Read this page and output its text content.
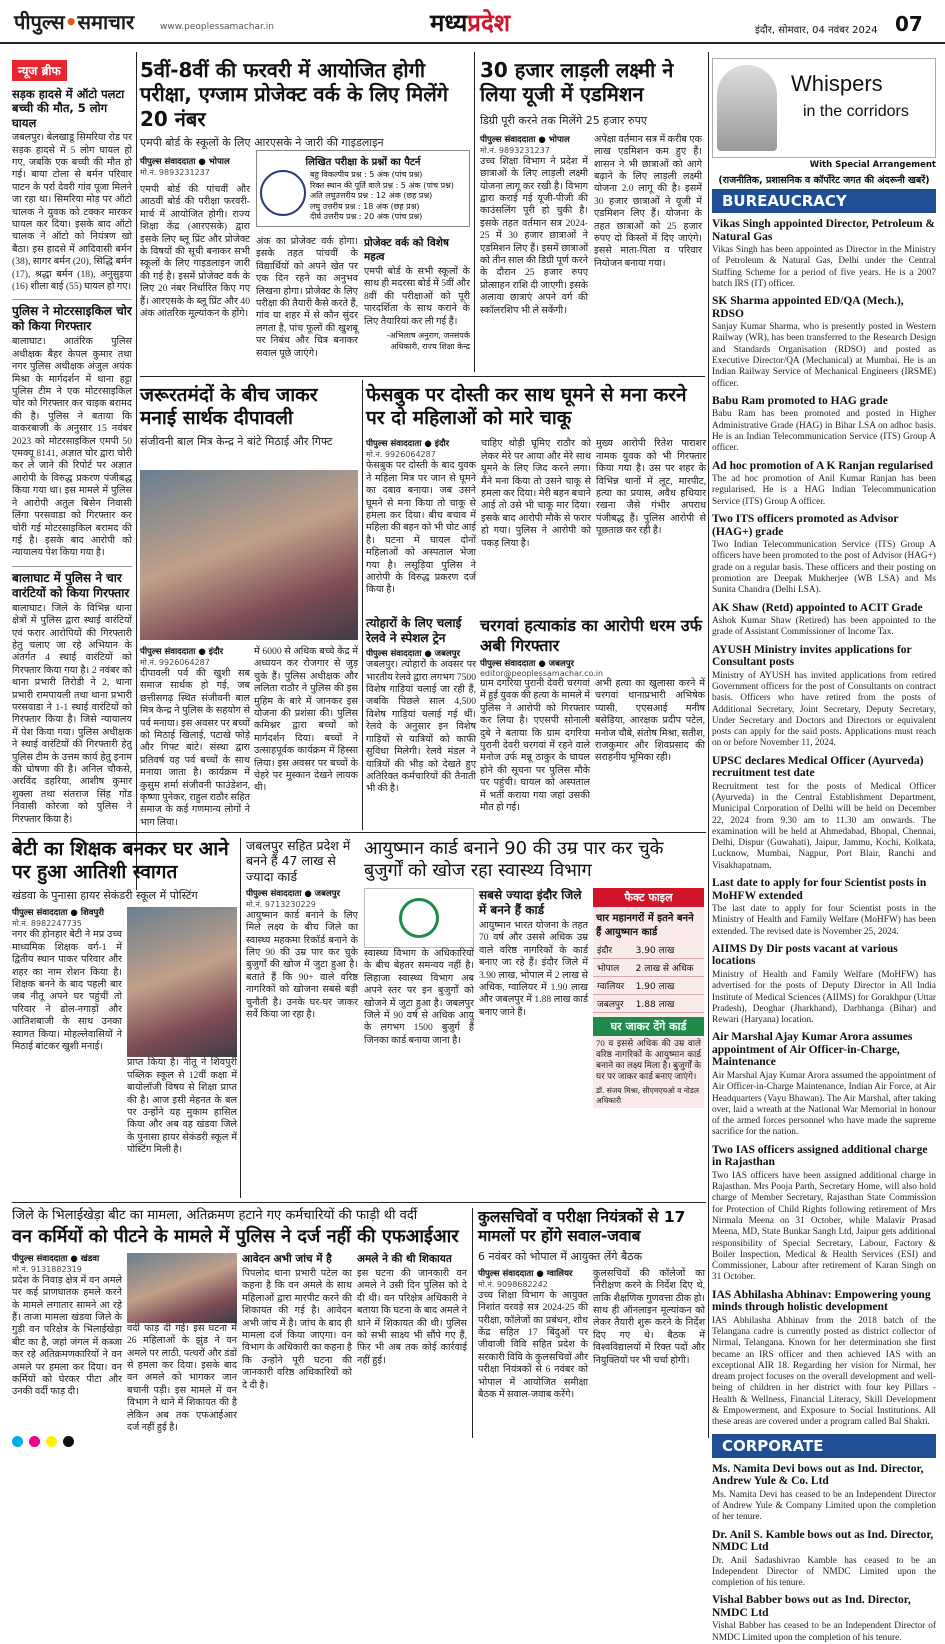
पीपुल्स•समाचार	www.peoplessamachar.in	मध्यप्रदेश	इंदौर, सोमवार, 04 नवंबर 2024 07
न्यूज ब्रीफ
सड़क हादसे में ऑटो पलटा बच्ची की मौत, 5 लोग घायल
जबलपुर। बेलखाडू सिमरिया रोड पर सड़क हादसे में 5 लोग घायल हो गए, जबकि एक बच्ची की मौत हो गई। बाया टोला से बर्मन परिवार पाटन के पर्रा देवरी गांव पूजा मिलने जा रहा था। सिमरिया मोड़ पर ऑटो चालक ने युवक को टक्कर मारकर घायल कर दिया। इसके बाद ऑटो चालक ने ऑटो को नियंत्रण खो बैठा। इस हादसे में आदिवासी बर्मन (38), सागर बर्मन (20), सिद्धि बर्मन (17), श्रद्धा बर्मन (18), अनुसुइया (16) शीला बाई (55) घायल हो गए।
पुलिस ने मोटरसाइकिल चोर को किया गिरफ्तार
बालाघाट। आतंरिक पुलिस अधीक्षक बैहर केपल कुमार तथा नगर पुलिस अधीक्षक अंजुल अयंक मिश्रा के मार्गदर्शन में थाना हट्टा पुलिस टीम ने एक मोटरसाइकिल चोर को गिरफ्तार कर चाइक बरामद की है। पुलिस ने बताया कि वाकरबाजी के अनुसार 15 नवंबर 2023 को मोटरसाइकिल एमपी 50 एमक्यू 8141, अज्ञात चोर द्वारा चोरी कर ले जाने की रिपोर्ट पर अज्ञात आरोपी के विरुद्ध प्रकरण पंजीबद्ध किया गया था। इस मामले में पुलिस ने आरोपी अतुल बिसेन निवासी लिंगा परसवाडा को गिरफ्तार कर चोरी गई मोटरसाइकिल बरामद की गई है। इसके बाद आरोपी को न्यायालय पेश किया गया है।
बालाघाट में पुलिस ने चार वारंटियों को किया गिरफ्तार
बालाघाट। जिले के विभिन्न थाना क्षेत्रों में पुलिस द्वारा स्थाई वारंटियों एवं फरार आरोपियों की गिरफ्तारी हेतु चलाए जा रहे अभियान के अंतर्गत 4 स्थाई वारंटियों को गिरफ्तार किया गया है। 2 नवंबर को थाना प्रभारी तिरोडी ने 2, थाना प्रभारी रामपायली तथा थाना प्रभारी परसवाडा ने 1-1 स्थाई वारंटियों को गिरफ्तार किया है। जिसे न्यायालय में पेश किया गया। पुलिस अधीक्षक ने स्थाई वारंटियों की गिरफ्तारी हेतु पुलिस टीम के उत्तम कार्य हेतु इनाम की घोषणा की है। अनिल चौकसे, अरविंद डहरिया, आशीष कुमार शुक्ला तथा संतराज सिंह गोंड निवासी कोरजा को पुलिस ने गिरफ्तार किया है।
5वीं-8वीं की फरवरी में आयोजित होगी परीक्षा, एग्जाम प्रोजेक्ट वर्क के लिए मिलेंगे 20 नंबर
एमपी बोर्ड के स्कूलों के लिए आरएसके ने जारी की गाइडलाइन
पीपुल्स संवाददाता ● भोपाल
मो.नं. 9893231237
एमपी बोर्ड की पांचवीं और आठवीं बोर्ड की परीक्षा फरवरी-मार्च में आयोजित होगी। राज्य शिक्षा केंद्र (आरएसके) द्वारा इसके लिए ब्लू प्रिंट और प्रोजेक्ट के विषयों की सूची बनाकर सभी स्कूलों के लिए गाइडलाइन जारी की गई है। इसमें प्रोजेक्ट वर्क के लिए 20 नंबर निर्धारित किए गए हैं। आरएसके के ब्लू प्रिंट और 40 अंक आंतरिक मूल्यांकन के होंगे।
अंक का प्रोजेक्ट वर्क होगा। इसके तहत पांचवीं के विद्यार्थियों को अपने खेत पर एक दिन रहने का अनुभव लिखना होगा। प्रोजेक्ट के लिए परीक्षा की तैयारी कैसे करते हैं, गांव या शहर में से कौन सुंदर लगता है, पांच फूलों की खुशबू पर निबंध और चित्र बनाकर सवाल पूछे जाएंगे।
लिखित परीक्षा के प्रश्नों का पैटर्न
बहु विकल्पीय प्रश्न : 5 अंक (पांच प्रश्न)
रिक्त स्थान की पूर्ति वाले प्रश्न : 5 अंक (पांच प्रश्न)
अति लघुउत्तरीय प्रश्न : 12 अंक (छह प्रश्न)
लघु उत्तरीय प्रश्न : 18 अंक (छह प्रश्न)
दीर्घ उत्तरीय प्रश्न : 20 अंक (पांच प्रश्न)
प्रोजेक्ट वर्क को विशेष महत्व
एमपी बोर्ड के सभी स्कूलों के साथ ही मदरसा बोर्ड में 5वीं और 8वीं की परीक्षाओं को पूरी पारदर्शिता के साथ कराने के लिए तैयारियां कर ली गई हैं।
-अभिलाष अनुराग, जनसंपर्क अधिकारी, राज्य शिक्षा केन्द्र
30 हजार लाड़ली लक्ष्मी ने लिया यूजी में एडमिशन
डिग्री पूरी करने तक मिलेंगे 25 हजार रुपए
पीपुल्स संवाददाता ● भोपाल
मो.नं. 9893231237
उच्च शिक्षा विभाग ने प्रदेश में छात्राओं के लिए लाड़ली लक्ष्मी योजना लागू कर रखी है। विभाग द्वारा कराई गई यूजी-पीजी की काउंसलिंग पूरी हो चुकी है। इसके तहत वर्तमान सत्र 2024-25 में 30 हजार छात्राओं ने एडमिशन लिए हैं। इसमें छात्राओं को तीन साल की डिग्री पूर्ण करने के दौरान 25 हजार रुपए प्रोत्साहन राशि दी जाएगी। इसके अलावा छात्राएं अपने वर्ग की स्कॉलरशिप भी ले सकेंगी।
अपेक्षा वर्तमान सत्र में करीब एक लाख एडमिशन कम हुए हैं। शासन ने भी छात्राओं को आगे बढ़ाने के लिए लाड़ली लक्ष्मी योजना 2.0 लागू की है। इसमें 30 हजार छात्राओं ने यूजी में एडमिशन लिए हैं। योजना के तहत छात्राओं को 25 हजार रुपए दो किस्तों में दिए जाएंगे। इससे माता-पिता व परिवार नियोजन बनाया गया।
जरूरतमंदों के बीच जाकर मनाई सार्थक दीपावली
संजीवनी बाल मित्र केन्द्र ने बांटे मिठाई और गिफ्ट
पीपुल्स संवाददाता ● इंदौर
मो.नं. 9926064287
दीपावली पर्व की खुशी सब समाज सार्थक हो गई, जब छत्तीसगढ़ स्थित संजीवनी बाल मित्र केन्द्र ने पुलिस के सहयोग से पर्व मनाया। इस अवसर पर बच्चों को मिठाई खिलाई, पटाखे फोड़े और गिफ्ट बांटे। संस्था द्वारा प्रतिवर्ष यह पर्व बच्चों के साथ मनाया जाता है। कार्यक्रम में कुसुम शर्मा संजीवनी फाउंडेशन, कृष्णा पुनेकर, राहुल राठौर सहित समाज के कई गणमान्य लोगों ने भाग लिया।
में 6000 से अधिक बच्चे केंद्र में अध्ययन कर रोजगार से जुड़ चुके हैं। पुलिस अधीक्षक और ललिता राठौर ने पुलिस की इस मुहिम के बारे में जानकर इस योजना की प्रशंसा की। पुलिस कमिश्नर द्वारा बच्चों को मार्गदर्शन दिया। बच्चों ने उत्साहपूर्वक कार्यक्रम में हिस्सा लिया। इस अवसर पर बच्चों के चेहरे पर मुस्कान देखने लायक थी।
फेसबुक पर दोस्ती कर साथ घूमने से मना करने पर दो महिलाओं को मारे चाकू
पीपुल्स संवाददाता ● इंदौर
मो.नं. 9926064287
फेसबुक पर दोस्ती के बाद युवक ने महिला मित्र पर जान से घूमने का दबाव बनाया। जब उसने घूमने से मना किया तो चाकू से हमला कर दिया। बीच बचाव में महिला की बहन को भी चोट आई है। घटना में घायल दोनों महिलाओं को अस्पताल भेजा गया है। लसूड़िया पुलिस ने आरोपी के विरुद्ध प्रकरण दर्ज किया है।
चाहिए थोड़ी घूमिए राठौर को लेकर मेरे पर आया और मेरे साथ घूमने के लिए जिद करने लगा। मैंने मना किया तो उसने चाकू से हमला कर दिया। मेरी बहन बचाने आई तो उसे भी चाकू मार दिया। इसके बाद आरोपी मौके से फरार हो गया। पुलिस ने आरोपी को पकड़ लिया है।
मुख्य आरोपी रितेश पाराशर नामक युवक को भी गिरफ्तार किया गया है। उस पर शहर के विभिन्न थानों में लूट, मारपीट, हत्या का प्रयास, अवैध हथियार रखना जैसे गंभीर अपराध पंजीबद्ध हैं। पुलिस आरोपी से पूछताछ कर रही है।
त्योहारों के लिए चलाई रेलवे ने स्पेशल ट्रेन
पीपुल्स संवाददाता ● जबलपुर
जबलपुर। त्योहारों के अवसर पर भारतीय रेलवे द्वारा लगभग 7500 विशेष गाड़ियां चलाई जा रही हैं, जबकि पिछले साल 4,500 विशेष गाड़ियां चलाई गई थीं। रेलवे के अनुसार इन विशेष गाड़ियों से यात्रियों को काफी सुविधा मिलेगी। रेलवे मंडल ने यात्रियों की भीड़ को देखते हुए अतिरिक्त कर्मचारियों की तैनाती भी की है।
चरगवां हत्याकांड का आरोपी धरम उर्फ अबी गिरफ्तार
पीपुल्स संवाददाता ● जबलपुर
editor@peoplessamachar.co.in
ग्राम दगरिया पुरानी देवरी चरगवां में हुई युवक की हत्या के मामले में पुलिस ने आरोपी को गिरफ्तार कर लिया है। एएसपी सोनाली दुबे ने बताया कि ग्राम दगरिया पुरानी देवरी चरगवां में रहने वाले मनोज उर्फ मन्नू ठाकुर के घायल होने की सूचना पर पुलिस मौके पर पहुंची। घायल को अस्पताल में भर्ती कराया गया जहां उसकी मौत हो गई।
अभी हत्या का खुलासा करने में चरगवां थानाप्रभारी अभिषेक प्यासी, एएसआई मनीष बसेड़िया, आरक्षक प्रदीप पटेल, मनोज चौबे, संतोष मिश्रा, सतीश, राजकुमार और शिवप्रसाद की सराहनीय भूमिका रही।
बेटी का शिक्षक बनकर घर आने पर हुआ आतिशी स्वागत
खंडवा के पुनासा हायर सेकंडरी स्कूल में पोस्टिंग
पीपुल्स संवाददाता ● शिवपुरी
मो.नं. 8982247735
नगर की होनहार बेटी ने मप्र उच्च माध्यमिक शिक्षक वर्ग-1 में द्वितीय स्थान पाकर परिवार और शहर का नाम रोशन किया है। शिक्षक बनने के बाद पहली बार जब नीतू अपने घर पहुंचीं तो परिवार ने ढोल-नगाड़ों और आतिशबाजी के साथ उनका स्वागत किया। मोहल्लेवासियों ने मिठाई बांटकर खुशी मनाई।
प्राप्त किया है। नीतू ने शिवपुरी पब्लिक स्कूल से 12वीं कक्षा में बायोलॉजी विषय से शिक्षा प्राप्त की है। आज इसी मेहनत के बल पर उन्होंने यह मुकाम हासिल किया और अब वह खंडवा जिले के पुनासा हायर सेकंडरी स्कूल में पोस्टिंग मिली है।
जबलपुर सहित प्रदेश में बनने हैं 47 लाख से ज्यादा कार्ड
पीपुल्स संवाददाता ● जबलपुर
मो.नं. 9713230229
आयुष्मान कार्ड बनाने के लिए मिले लक्ष्य के बीच जिले का स्वास्थ्य महकमा रिकॉर्ड बनाने के लिए 90 की उम्र पार कर चुके बुजुर्गों की खोज में जुटा हुआ है। बताते हैं कि 90+ वाले वरिष्ठ नागरिकों को खोजना सबसे बड़ी चुनौती है। उनके घर-घर जाकर सर्वे किया जा रहा है।
आयुष्मान कार्ड बनाने 90 की उम्र पार कर चुके बुजुर्गों को खोज रहा स्वास्थ्य विभाग
स्वास्थ्य विभाग के अधिकारियों के बीच बेहतर समन्वय नहीं है। लिहाजा स्वास्थ्य विभाग अब अपने स्तर पर इन बुजुर्गों को खोजने में जुटा हुआ है। जबलपुर जिले में 90 वर्ष से अधिक आयु के लगभग 1500 बुजुर्ग हैं जिनका कार्ड बनाया जाना है।
सबसे ज्यादा इंदौर जिले में बनने हैं कार्ड
आयुष्मान भारत योजना के तहत 70 वर्ष और उससे अधिक उम्र वाले वरिष्ठ नागरिकों के कार्ड बनाए जा रहे हैं। इंदौर जिले में 3.90 लाख, भोपाल में 2 लाख से अधिक, ग्वालियर में 1.90 लाख और जबलपुर में 1.88 लाख कार्ड बनाए जाने हैं।
फैक्ट फाइल
चार महानगरों में इतने बनने हैं आयुष्मान कार्ड
इंदौर	3.90 लाख
भोपाल	2 लाख से अधिक
ग्वालियर	1.90 लाख
जबलपुर	1.88 लाख
घर जाकर देंगे कार्ड
70 व इससे अधिक की उम्र वाले वरिष्ठ नागरिकों के आयुष्मान कार्ड बनाने का लक्ष्य मिला है। बुजुर्गों के घर पर जाकर कार्ड बनाए जाएंगे।
डॉ. संजय मिश्रा, सीएमएचओ व नोडल अधिकारी
जिले के भिलाईखेड़ा बीट का मामला, अतिक्रमण हटाने गए कर्मचारियों की फाड़ी थी वर्दी
वन कर्मियों को पीटने के मामले में पुलिस ने दर्ज नहीं की एफआईआर
पीपुल्स संवाददाता ● खंडवा
मो.नं. 9131882319
प्रदेश के निवाड़ क्षेत्र में वन अमले पर कई प्राणघातक हमले करने के मामले लगातार सामने आ रहे हैं। ताजा मामला खंडवा जिले के गुड़ी वन परिक्षेत्र के भिलाईखेड़ा बीट का है, जहां जंगल में कब्जा कर रहे अतिक्रमणकारियों ने वन अमले पर हमला कर दिया। वन कर्मियों को घेरकर पीटा और उनकी वर्दी फाड़ दी।
वर्दी फाड़ दी गई। इस घटना में 26 महिलाओं के झुंड ने वन अमले पर लाठी, पत्थरों और डंडों से हमला कर दिया। इसके बाद वन अमले को भागकर जान बचानी पड़ी। इस मामले में वन विभाग ने थाने में शिकायत की है लेकिन अब तक एफआईआर दर्ज नहीं हुई है।
आवेदन अभी जांच में है
पिपलोद थाना प्रभारी पटेल का कहना है कि वन अमले के साथ महिलाओं द्वारा मारपीट करने की शिकायत की गई है। आवेदन अभी जांच में है। जांच के बाद ही मामला दर्ज किया जाएगा। वन विभाग के अधिकारी का कहना है कि उन्होंने पूरी घटना की जानकारी वरिष्ठ अधिकारियों को दे दी है।
अमले ने की थी शिकायत
इस घटना की जानकारी वन अमले ने उसी दिन पुलिस को दे दी थी। वन परिक्षेत्र अधिकारी ने बताया कि घटना के बाद अमले ने थाने में शिकायत की थी। पुलिस को सभी साक्ष्य भी सौंपे गए हैं, फिर भी अब तक कोई कार्रवाई नहीं हुई।
कुलसचिवों व परीक्षा नियंत्रकों से 17 मामलों पर होंगे सवाल-जवाब
6 नवंबर को भोपाल में आयुक्त लेंगे बैठक
पीपुल्स संवाददाता ● ग्वालियर
मो.नं. 9098682242
उच्च शिक्षा विभाग के आयुक्त निशांत वरवड़े सत्र 2024-25 की परीक्षा, कॉलेजों का प्रबंधन, शोध केंद्र सहित 17 बिंदुओं पर जीवाजी विवि सहित प्रदेश के सरकारी विवि के कुलसचिवों और परीक्षा नियंत्रकों से 6 नवंबर को भोपाल में आयोजित समीक्षा बैठक में सवाल-जवाब करेंगे।
कुलसचिवों की कॉलेजों का निरीक्षण करने के निर्देश दिए थे, ताकि शैक्षणिक गुणवत्ता ठीक हो। साथ ही ऑनलाइन मूल्यांकन को लेकर तैयारी शुरू करने के निर्देश दिए गए थे। बैठक में विश्वविद्यालयों में रिक्त पदों और नियुक्तियों पर भी चर्चा होगी।
Whispers
in the corridors
With Special Arrangement
(राजनीतिक, प्रशासनिक व कॉर्पोरेट जगत की अंदरूनी खबरें)
BUREAUCRACY
Vikas Singh appointed Director, Petroleum & Natural Gas
Vikas Singh has been appointed as Director in the Ministry of Petroleum & Natural Gas, Delhi under the Central Staffing Scheme for a period of five years. He is a 2007 batch IRS (IT) officer.
SK Sharma appointed ED/QA (Mech.), RDSO
Sanjay Kumar Sharma, who is presently posted in Western Railway (WR), has been transferred to the Research Design and Standards Organisation (RDSO) and posted as Executive Director/QA (Mechanical) at Mumbai. He is an Indian Railway Service of Mechanical Engineers (IRSME) officer.
Babu Ram promoted to HAG grade
Babu Ram has been promoted and posted in Higher Administrative Grade (HAG) in Bihar LSA on adhoc basis. He is an Indian Telecommunication Service (ITS) Group A officer.
Ad hoc promotion of A K Ranjan regularised
The ad hoc promotion of Anil Kumar Ranjan has been regularised. He is a HAG Indian Telecommunication Service (ITS) Group A officer.
Two ITS officers promoted as Advisor (HAG+) grade
Two Indian Telecommunication Service (ITS) Group A officers have been promoted to the post of Advisor (HAG+) grade on a regular basis. These officers and their posting on promotion are Deepak Mukherjee (WB LSA) and Ms Sunita Chandra (Delhi LSA).
AK Shaw (Retd) appointed to ACIT Grade
Ashok Kumar Shaw (Retired) has been appointed to the grade of Assistant Commissioner of Income Tax.
AYUSH Ministry invites applications for Consultant posts
Ministry of AYUSH has invited applications from retired Government officers for the post of Consultants on contract basis. Officers who have retired from the posts of Additional Secretary, Joint Secretary, Deputy Secretary, Under Secretary and Doctors and Directors or equivalent posts can apply for the said posts. Applications must reach on or before November 11, 2024.
UPSC declares Medical Officer (Ayurveda) recruitment test date
Recruitment test for the posts of Medical Officer (Ayurveda) in the Central Establishment Department, Municipal Corporation of Delhi will be held on December 22, 2024 from 9.30 am to 11.30 am onwards. The examination will be held at Ahmedabad, Bhopal, Chennai, Delhi, Dispur (Guwahati), Jaipur, Jammu, Kochi, Kolkata, Lucknow, Mumbai, Nagpur, Port Blair, Ranchi and Visakhapatnam.
Last date to apply for four Scientist posts in MoHFW extended
The last date to apply for four Scientist posts in the Ministry of Health and Family Welfare (MoHFW) has been extended. The revised date is November 25, 2024.
AIIMS Dy Dir posts vacant at various locations
Ministry of Health and Family Welfare (MoHFW) has advertised for the posts of Deputy Director in All India Institute of Medical Sciences (AIIMS) for Gorakhpur (Uttar Pradesh), Deoghar (Jharkhand), Darbhanga (Bihar) and Rewari (Haryana) location.
Air Marshal Ajay Kumar Arora assumes appointment of Air Officer-in-Charge, Maintenance
Air Marshal Ajay Kumar Arora assumed the appointment of Air Officer-in-Charge Maintenance, Indian Air Force, at Air Headquarters (Vayu Bhawan). The Air Marshal, after taking over, laid a wreath at the National War Memorial in honour of the armed forces personnel who have made the supreme sacrifice for the nation.
Two IAS officers assigned additional charge in Rajasthan
Two IAS officers have been assigned additional charge in Rajasthan. Mrs Pooja Parth, Secretary Home, will also hold charge of Member Secretary, Rajasthan State Commission for Protection of Child Rights following retirement of Mrs Nirmala Meena on 31 October, while Malavir Prasad Meena, MD, State Bunkar Sangh Ltd, Jaipur gets additional responsibility of Special Secretary, Labour, Factory & Boiler Inspection, Medical & Health Services (ESI) and Commissioner, Labour after retirement of Karan Singh on 31 October.
IAS Abhilasha Abhinav: Empowering young minds through holistic development
IAS Abhilasha Abhinav from the 2018 batch of the Telangana cadre is currently posted as district collector of Nirmal, Telangana. Known for her determination she first became an IRS officer and then achieved IAS with an exceptional AIR 18. Regarding her vision for Nirmal, her dream project focuses on the overall development and well-being of children in her district with four key Pillars -Health & Wellness, Financial Literacy, Skill Development & Empowerment, and Exposure to Social Institutions. All these areas are covered under a program called Bal Shakti.
CORPORATE
Ms. Namita Devi bows out as Ind. Director, Andrew Yule & Co. Ltd
Ms. Namita Devi has ceased to be an Independent Director of Andrew Yule & Company Limited upon the completion of her tenure.
Dr. Anil S. Kamble bows out as Ind. Director, NMDC Ltd
Dr. Anil Sadashivrao Kamble has ceased to be an Independent Director of NMDC Limited upon the completion of his tenure.
Vishal Babber bows out as Ind. Director, NMDC Ltd
Vishal Babber has ceased to be an Independent Director of NMDC Limited upon the completion of his tenure.
